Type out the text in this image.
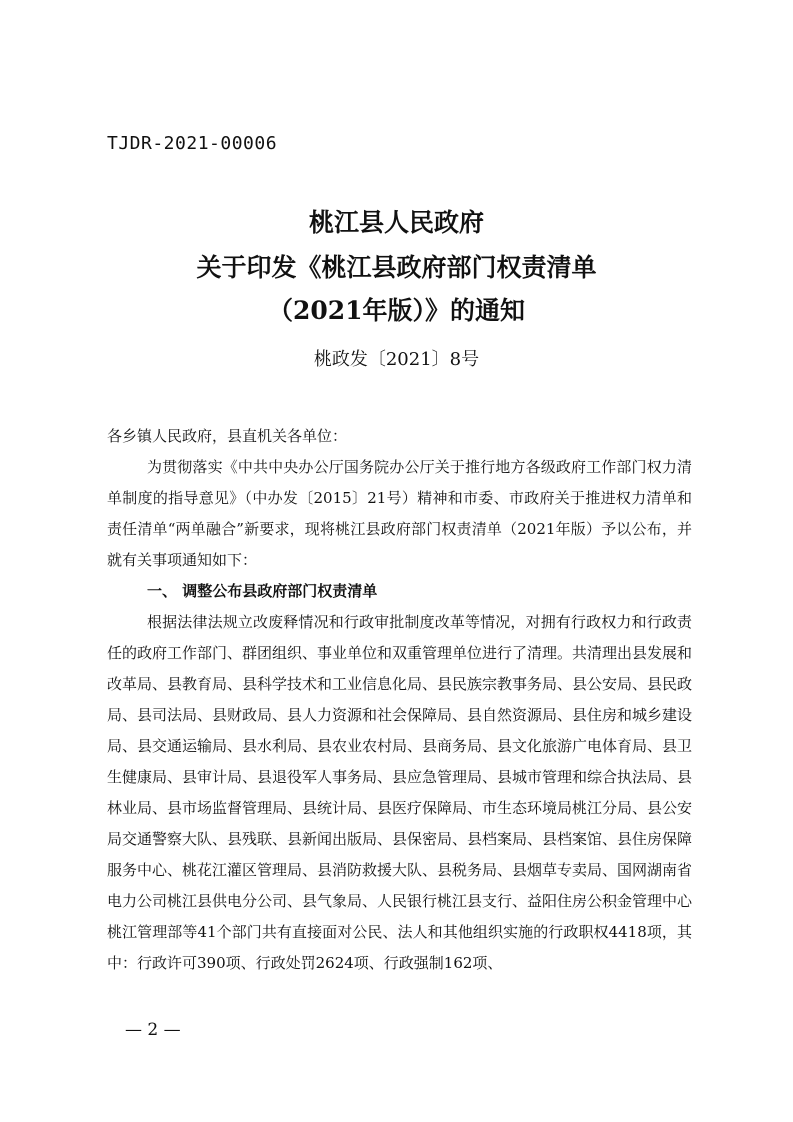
TJDR-2021-00006
桃江县人民政府
关于印发《桃江县政府部门权责清单
（2021年版）》的通知
桃政发〔2021〕8号

各乡镇人民政府，县直机关各单位：

为贯彻落实《中共中央办公厅国务院办公厅关于推行地方各级政府工作部门权力清单制度的指导意见》（中办发〔2015〕21号）精神和市委、市政府关于推进权力清单和责任清单“两单融合”新要求，现将桃江县政府部门权责清单（2021年版）予以公布，并就有关事项通知如下：

一、 调整公布县政府部门权责清单

根据法律法规立改废释情况和行政审批制度改革等情况，对拥有行政权力和行政责任的政府工作部门、群团组织、事业单位和双重管理单位进行了清理。共清理出县发展和改革局、县教育局、县科学技术和工业信息化局、县民族宗教事务局、县公安局、县民政局、县司法局、县财政局、县人力资源和社会保障局、县自然资源局、县住房和城乡建设局、县交通运输局、县水利局、县农业农村局、县商务局、县文化旅游广电体育局、县卫生健康局、县审计局、县退役军人事务局、县应急管理局、县城市管理和综合执法局、县林业局、县市场监督管理局、县统计局、县医疗保障局、市生态环境局桃江分局、县公安局交通警察大队、县残联、县新闻出版局、县保密局、县档案局、县档案馆、县住房保障服务中心、桃花江灌区管理局、县消防救援大队、县税务局、县烟草专卖局、国网湖南省电力公司桃江县供电分公司、县气象局、人民银行桃江县支行、益阳住房公积金管理中心桃江管理部等41个部门共有直接面对公民、法人和其他组织实施的行政职权4418项，其中：行政许可390项、行政处罚2624项、行政强制162项、

— 2 —
